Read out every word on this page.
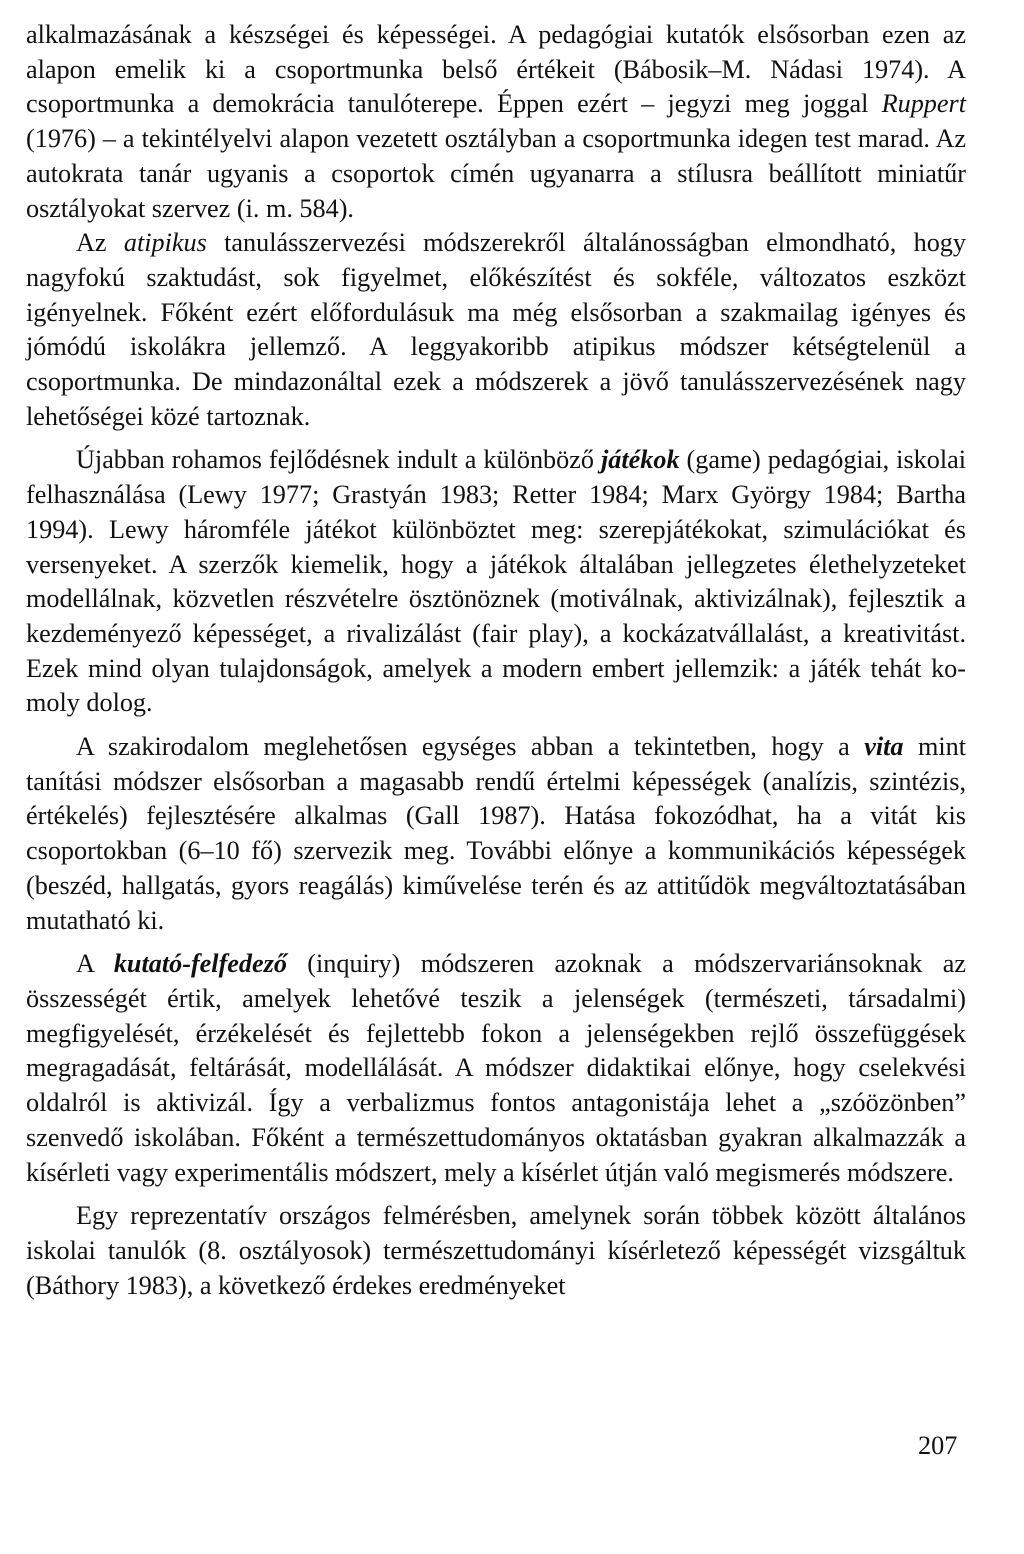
alkalmazásának a készségei és képességei. A pedagógiai kutatók elsősorban ezen az alapon emelik ki a csoportmunka belső értékeit (Bábosik–M. Nádasi 1974). A csoportmunka a demokrácia tanulóterepe. Éppen ezért – jegyzi meg joggal Ruppert (1976) – a tekintélyelvi alapon vezetett osztályban a csoportmunka idegen test marad. Az autokrata tanár ugyanis a csoportok címén ugyanarra a stílusra beállított miniatűr osztályokat szervez (i. m. 584).

Az atipikus tanulásszervezési módszerekről általánosságban elmondható, hogy nagyfokú szaktudást, sok figyelmet, előkészítést és sokféle, változatos eszközt igényelnek. Főként ezért előfordulásuk ma még elsősorban a szakmailag igényes és jómódú iskolákra jellemző. A leggyakoribb atipikus módszer kétségtelenül a csoportmunka. De mindazonáltal ezek a módszerek a jövő tanulásszervezésének nagy lehetőségei közé tartoznak.

Újabban rohamos fejlődésnek indult a különböző játékok (game) pedagógiai, iskolai felhasználása (Lewy 1977; Grastyán 1983; Retter 1984; Marx György 1984; Bartha 1994). Lewy háromféle játékot különböztet meg: szerepjátékokat, szimulációkat és versenyeket. A szerzők kiemelik, hogy a játékok általában jellegzetes élethelyzeteket modellálnak, közvetlen részvételre ösztönöznek (motiválnak, aktivizálnak), fejlesztik a kezdeményező képességet, a rivalizálást (fair play), a kockázatvállalást, a kreativitást. Ezek mind olyan tulajdonságok, amelyek a modern embert jellemzik: a játék tehát komoly dolog.

A szakirodalom meglehetősen egységes abban a tekintetben, hogy a vita mint tanítási módszer elsősorban a magasabb rendű értelmi képességek (analízis, szintézis, értékelés) fejlesztésére alkalmas (Gall 1987). Hatása fokozódhat, ha a vitát kis csoportokban (6–10 fő) szervezik meg. További előnye a kommunikációs képességek (beszéd, hallgatás, gyors reagálás) kiművelése terén és az attitűdök megváltoztatásában mutatható ki.

A kutató-felfedező (inquiry) módszeren azoknak a módszervariánsoknak az összességét értik, amelyek lehetővé teszik a jelenségek (természeti, társadalmi) megfigyelését, érzékelését és fejlettebb fokon a jelenségekben rejlő összefüggések megragadását, feltárását, modellálását. A módszer didaktikai előnye, hogy cselekvési oldalról is aktivizál. Így a verbalizmus fontos antagonistája lehet a „szóözönben” szenvedő iskolában. Főként a természettudományos oktatásban gyakran alkalmazzák a kísérleti vagy experimentális módszert, mely a kísérlet útján való megismerés módszere.

Egy reprezentatív országos felmérésben, amelynek során többek között általános iskolai tanulók (8. osztályosok) természettudományi kísérletező képességét vizsgáltuk (Báthory 1983), a következő érdekes eredményeket

207
